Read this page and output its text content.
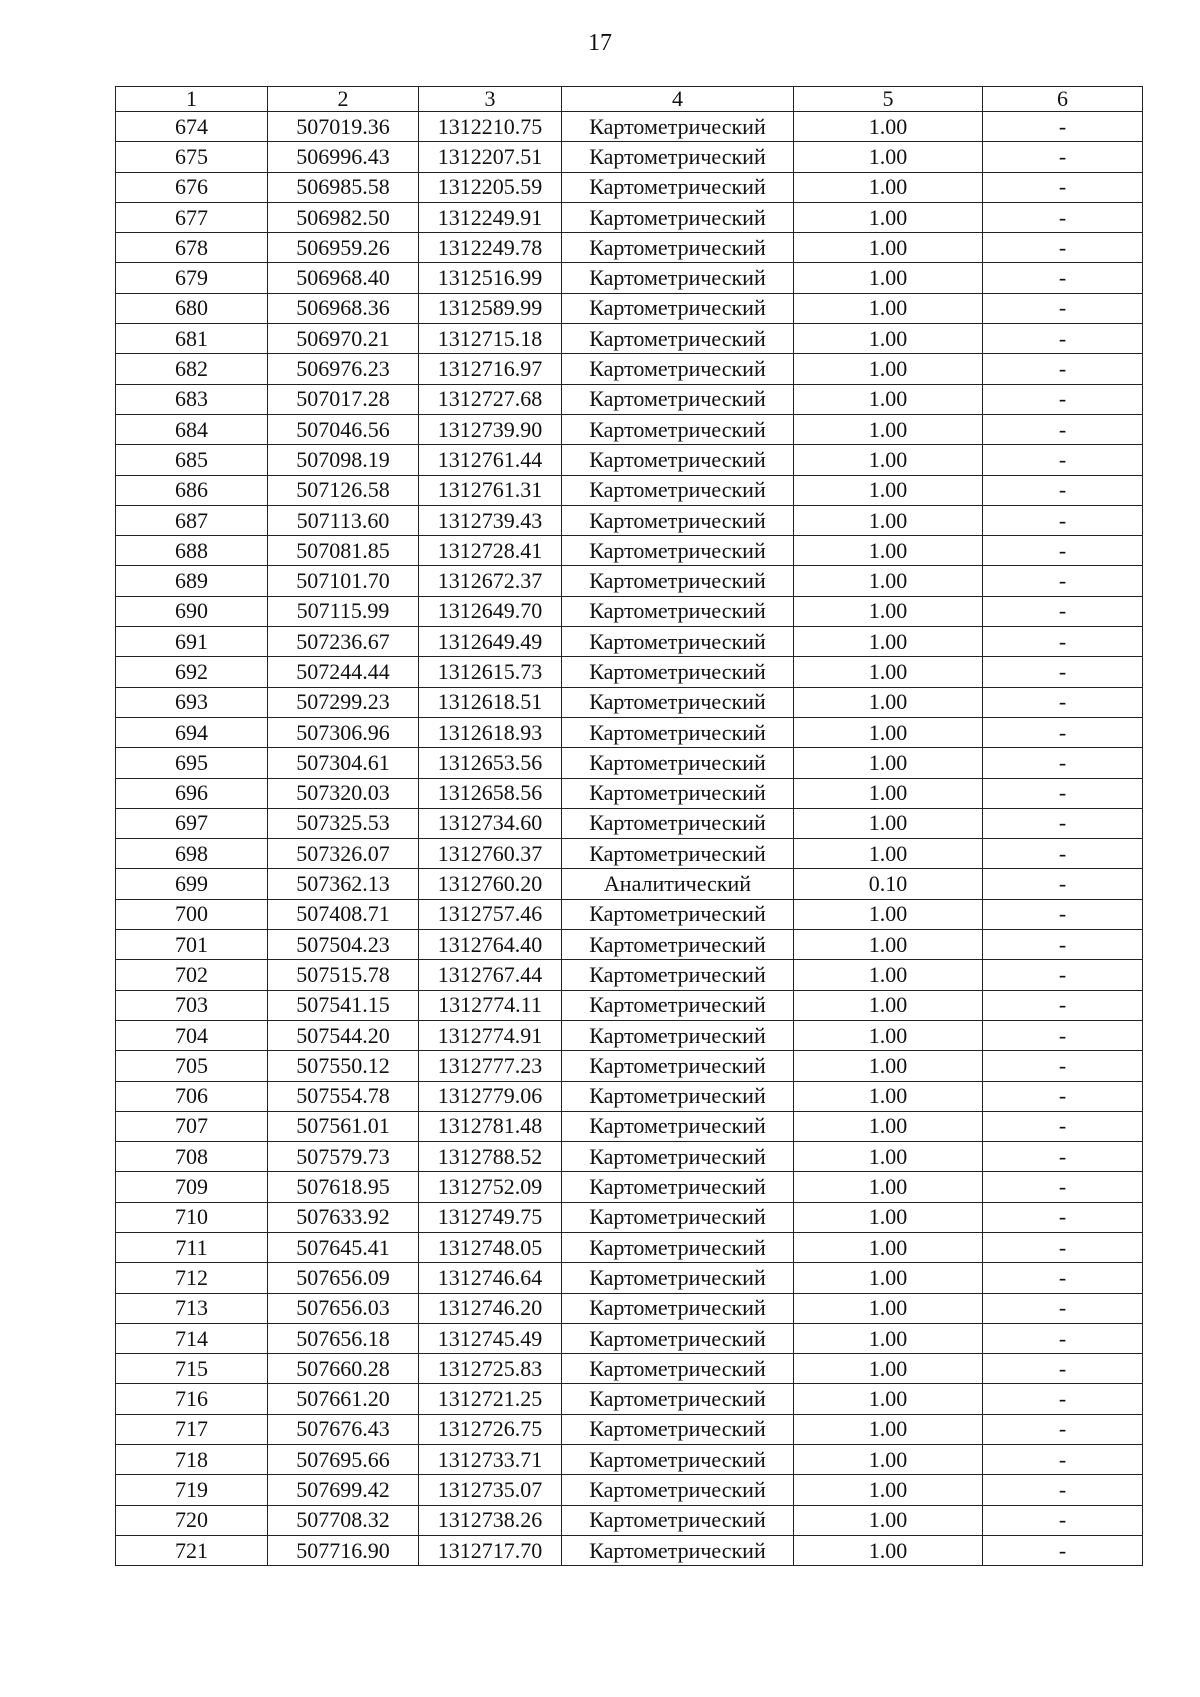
17
1	2	3	4	5	6
674	507019.36	1312210.75	Картометрический	1.00	-
675	506996.43	1312207.51	Картометрический	1.00	-
676	506985.58	1312205.59	Картометрический	1.00	-
677	506982.50	1312249.91	Картометрический	1.00	-
678	506959.26	1312249.78	Картометрический	1.00	-
679	506968.40	1312516.99	Картометрический	1.00	-
680	506968.36	1312589.99	Картометрический	1.00	-
681	506970.21	1312715.18	Картометрический	1.00	-
682	506976.23	1312716.97	Картометрический	1.00	-
683	507017.28	1312727.68	Картометрический	1.00	-
684	507046.56	1312739.90	Картометрический	1.00	-
685	507098.19	1312761.44	Картометрический	1.00	-
686	507126.58	1312761.31	Картометрический	1.00	-
687	507113.60	1312739.43	Картометрический	1.00	-
688	507081.85	1312728.41	Картометрический	1.00	-
689	507101.70	1312672.37	Картометрический	1.00	-
690	507115.99	1312649.70	Картометрический	1.00	-
691	507236.67	1312649.49	Картометрический	1.00	-
692	507244.44	1312615.73	Картометрический	1.00	-
693	507299.23	1312618.51	Картометрический	1.00	-
694	507306.96	1312618.93	Картометрический	1.00	-
695	507304.61	1312653.56	Картометрический	1.00	-
696	507320.03	1312658.56	Картометрический	1.00	-
697	507325.53	1312734.60	Картометрический	1.00	-
698	507326.07	1312760.37	Картометрический	1.00	-
699	507362.13	1312760.20	Аналитический	0.10	-
700	507408.71	1312757.46	Картометрический	1.00	-
701	507504.23	1312764.40	Картометрический	1.00	-
702	507515.78	1312767.44	Картометрический	1.00	-
703	507541.15	1312774.11	Картометрический	1.00	-
704	507544.20	1312774.91	Картометрический	1.00	-
705	507550.12	1312777.23	Картометрический	1.00	-
706	507554.78	1312779.06	Картометрический	1.00	-
707	507561.01	1312781.48	Картометрический	1.00	-
708	507579.73	1312788.52	Картометрический	1.00	-
709	507618.95	1312752.09	Картометрический	1.00	-
710	507633.92	1312749.75	Картометрический	1.00	-
711	507645.41	1312748.05	Картометрический	1.00	-
712	507656.09	1312746.64	Картометрический	1.00	-
713	507656.03	1312746.20	Картометрический	1.00	-
714	507656.18	1312745.49	Картометрический	1.00	-
715	507660.28	1312725.83	Картометрический	1.00	-
716	507661.20	1312721.25	Картометрический	1.00	-
717	507676.43	1312726.75	Картометрический	1.00	-
718	507695.66	1312733.71	Картометрический	1.00	-
719	507699.42	1312735.07	Картометрический	1.00	-
720	507708.32	1312738.26	Картометрический	1.00	-
721	507716.90	1312717.70	Картометрический	1.00	-
